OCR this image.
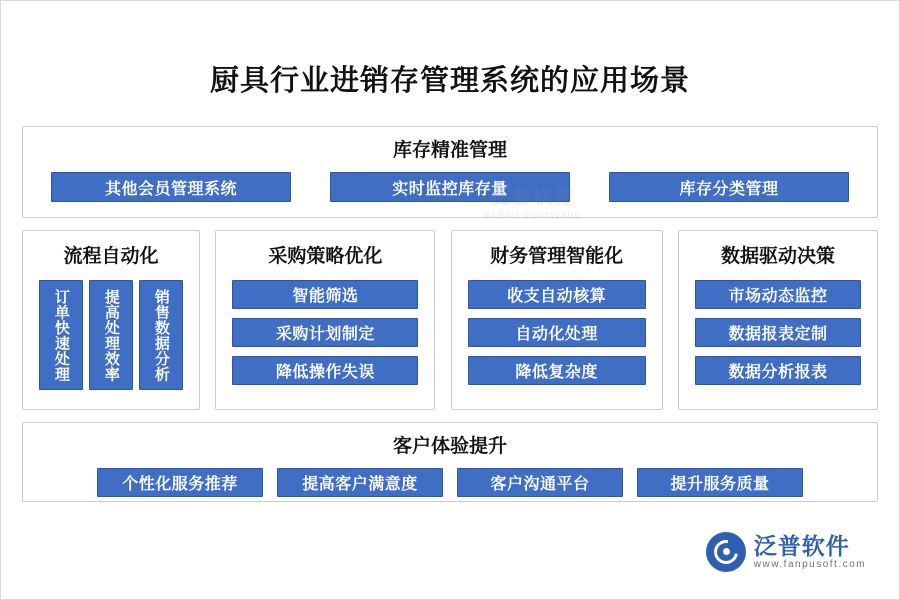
厨具行业进销存管理系统的应用场景
库存精准管理
其他会员管理系统	实时监控库存量	库存分类管理
流程自动化
订单快速处理	提高处理效率	销售数据分析
采购策略优化
智能筛选
采购计划制定
降低操作失误
财务管理智能化
收支自动核算
自动化处理
降低复杂度
数据驱动决策
市场动态监控
数据报表定制
数据分析报表
客户体验提升
个性化服务推荐	提高客户满意度	客户沟通平台	提升服务质量
泛普软件
www.fanpusoft.com
